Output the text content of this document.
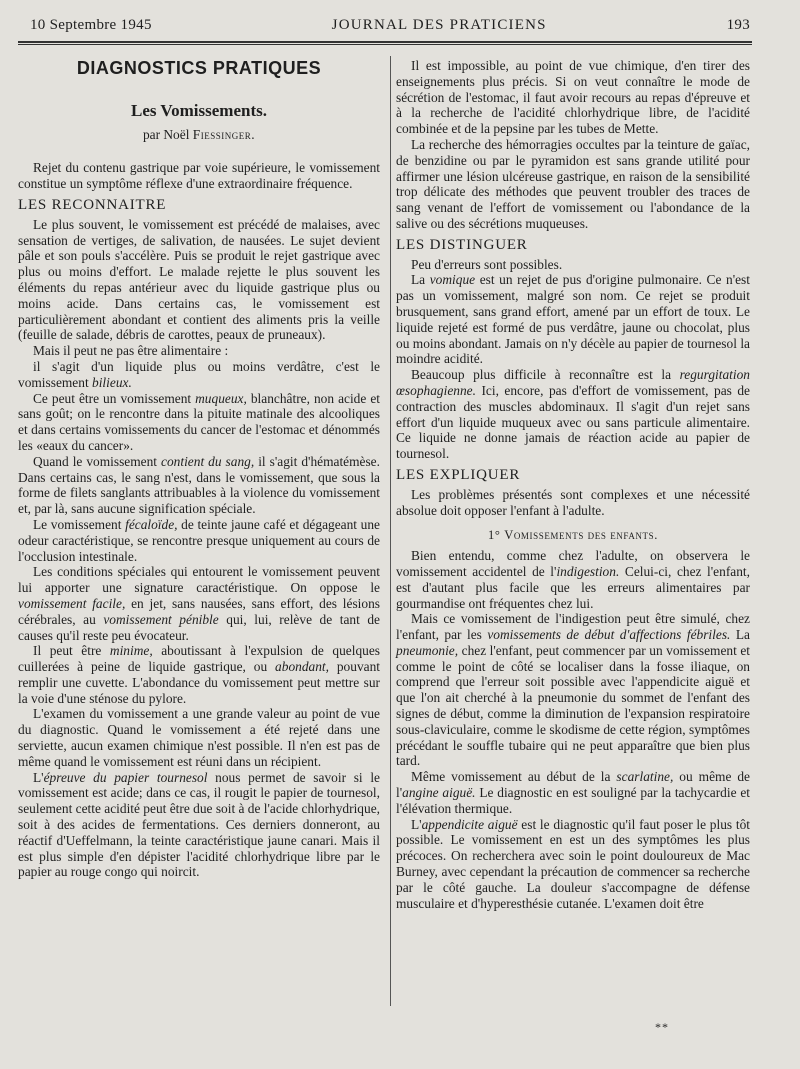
10 Septembre 1945	JOURNAL DES PRATICIENS	193
DIAGNOSTICS PRATIQUES
Les Vomissements.
par Noël Fiessinger.

Rejet du contenu gastrique par voie supérieure, le vomissement constitue un symptôme réflexe d'une extraordinaire fréquence.

LES RECONNAITRE

Le plus souvent, le vomissement est précédé de malaises, avec sensation de vertiges, de salivation, de nausées. Le sujet devient pâle et son pouls s'accélère. Puis se produit le rejet gastrique avec plus ou moins d'effort. Le malade rejette le plus souvent les éléments du repas antérieur avec du liquide gastrique plus ou moins acide. Dans certains cas, le vomissement est particulièrement abondant et contient des aliments pris la veille (feuille de salade, débris de carottes, peaux de pruneaux).

Mais il peut ne pas être alimentaire :

il s'agit d'un liquide plus ou moins verdâtre, c'est le vomissement bilieux.

Ce peut être un vomissement muqueux, blanchâtre, non acide et sans goût; on le rencontre dans la pituite matinale des alcooliques et dans certains vomissements du cancer de l'estomac et dénommés les «eaux du cancer».

Quand le vomissement contient du sang, il s'agit d'hématémèse. Dans certains cas, le sang n'est, dans le vomissement, que sous la forme de filets sanglants attribuables à la violence du vomissement et, par là, sans aucune signification spéciale.

Le vomissement fécaloïde, de teinte jaune café et dégageant une odeur caractéristique, se rencontre presque uniquement au cours de l'occlusion intestinale.

Les conditions spéciales qui entourent le vomissement peuvent lui apporter une signature caractéristique. On oppose le vomissement facile, en jet, sans nausées, sans effort, des lésions cérébrales, au vomissement pénible qui, lui, relève de tant de causes qu'il reste peu évocateur.

Il peut être minime, aboutissant à l'expulsion de quelques cuillerées à peine de liquide gastrique, ou abondant, pouvant remplir une cuvette. L'abondance du vomissement peut mettre sur la voie d'une sténose du pylore.

L'examen du vomissement a une grande valeur au point de vue du diagnostic. Quand le vomissement a été rejeté dans une serviette, aucun examen chimique n'est possible. Il n'en est pas de même quand le vomissement est réuni dans un récipient.

L'épreuve du papier tournesol nous permet de savoir si le vomissement est acide; dans ce cas, il rougit le papier de tournesol, seulement cette acidité peut être due soit à de l'acide chlorhydrique, soit à des acides de fermentations. Ces derniers donneront, au réactif d'Ueffelmann, la teinte caractéristique jaune canari. Mais il est plus simple d'en dépister l'acidité chlorhydrique libre par le papier au rouge congo qui noircit.

Il est impossible, au point de vue chimique, d'en tirer des enseignements plus précis. Si on veut connaître le mode de sécrétion de l'estomac, il faut avoir recours au repas d'épreuve et à la recherche de l'acidité chlorhydrique libre, de l'acidité combinée et de la pepsine par les tubes de Mette.

La recherche des hémorragies occultes par la teinture de gaïac, de benzidine ou par le pyramidon est sans grande utilité pour affirmer une lésion ulcéreuse gastrique, en raison de la sensibilité trop délicate des méthodes que peuvent troubler des traces de sang venant de l'effort de vomissement ou l'abondance de la salive ou des sécrétions muqueuses.

LES DISTINGUER

Peu d'erreurs sont possibles.

La vomique est un rejet de pus d'origine pulmonaire. Ce n'est pas un vomissement, malgré son nom. Ce rejet se produit brusquement, sans grand effort, amené par un effort de toux. Le liquide rejeté est formé de pus verdâtre, jaune ou chocolat, plus ou moins abondant. Jamais on n'y décèle au papier de tournesol la moindre acidité.

Beaucoup plus difficile à reconnaître est la regurgitation œsophagienne. Ici, encore, pas d'effort de vomissement, pas de contraction des muscles abdominaux. Il s'agit d'un rejet sans effort d'un liquide muqueux avec ou sans particule alimentaire. Ce liquide ne donne jamais de réaction acide au papier de tournesol.

LES EXPLIQUER

Les problèmes présentés sont complexes et une nécessité absolue doit opposer l'enfant à l'adulte.

1° Vomissements des enfants.

Bien entendu, comme chez l'adulte, on observera le vomissement accidentel de l'indigestion. Celui-ci, chez l'enfant, est d'autant plus facile que les erreurs alimentaires par gourmandise ont fréquentes chez lui.

Mais ce vomissement de l'indigestion peut être simulé, chez l'enfant, par les vomissements de début d'affections fébriles. La pneumonie, chez l'enfant, peut commencer par un vomissement et comme le point de côté se localiser dans la fosse iliaque, on comprend que l'erreur soit possible avec l'appendicite aiguë et que l'on ait cherché à la pneumonie du sommet de l'enfant des signes de début, comme la diminution de l'expansion respiratoire sous-claviculaire, comme le skodisme de cette région, symptômes précédant le souffle tubaire qui ne peut apparaître que bien plus tard.

Même vomissement au début de la scarlatine, ou même de l'angine aiguë. Le diagnostic en est souligné par la tachycardie et l'élévation thermique.

L'appendicite aiguë est le diagnostic qu'il faut poser le plus tôt possible. Le vomissement en est un des symptômes les plus précoces. On recherchera avec soin le point douloureux de Mac Burney, avec cependant la précaution de commencer sa recherche par le côté gauche. La douleur s'accompagne de défense musculaire et d'hyperesthésie cutanée. L'examen doit être

**
